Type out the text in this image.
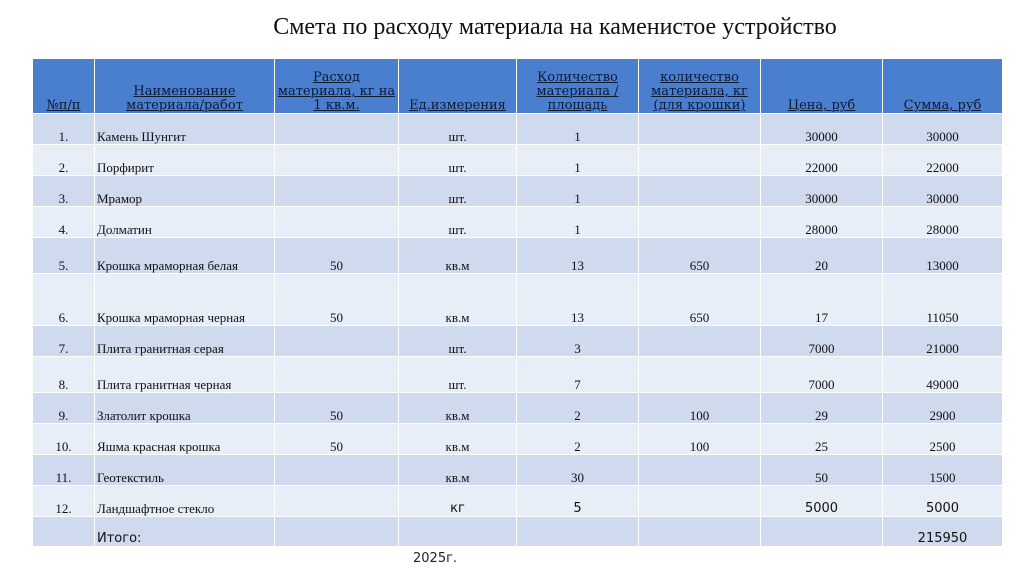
Смета по расходу материала на каменистое устройство
№п/п	Наименование материала/работ	Расход материала, кг на 1 кв.м.	Ед.измерения	Количество материала /площадь	количество материала, кг (для крошки)	Цена, руб	Сумма, руб
1.	Камень Шунгит		шт.	1		30000	30000
2.	Порфирит		шт.	1		22000	22000
3.	Мрамор		шт.	1		30000	30000
4.	Долматин		шт.	1		28000	28000
5.	Крошка мраморная белая	50	кв.м	13	650	20	13000
6.	Крошка мраморная черная	50	кв.м	13	650	17	11050
7.	Плита гранитная серая		шт.	3		7000	21000
8.	Плита гранитная черная		шт.	7		7000	49000
9.	Златолит крошка	50	кв.м	2	100	29	2900
10.	Яшма красная крошка	50	кв.м	2	100	25	2500
11.	Геотекстиль		кв.м	30		50	1500
12.	Ландшафтное стекло		кг	5		5000	5000
	Итого:						215950
2025г.
